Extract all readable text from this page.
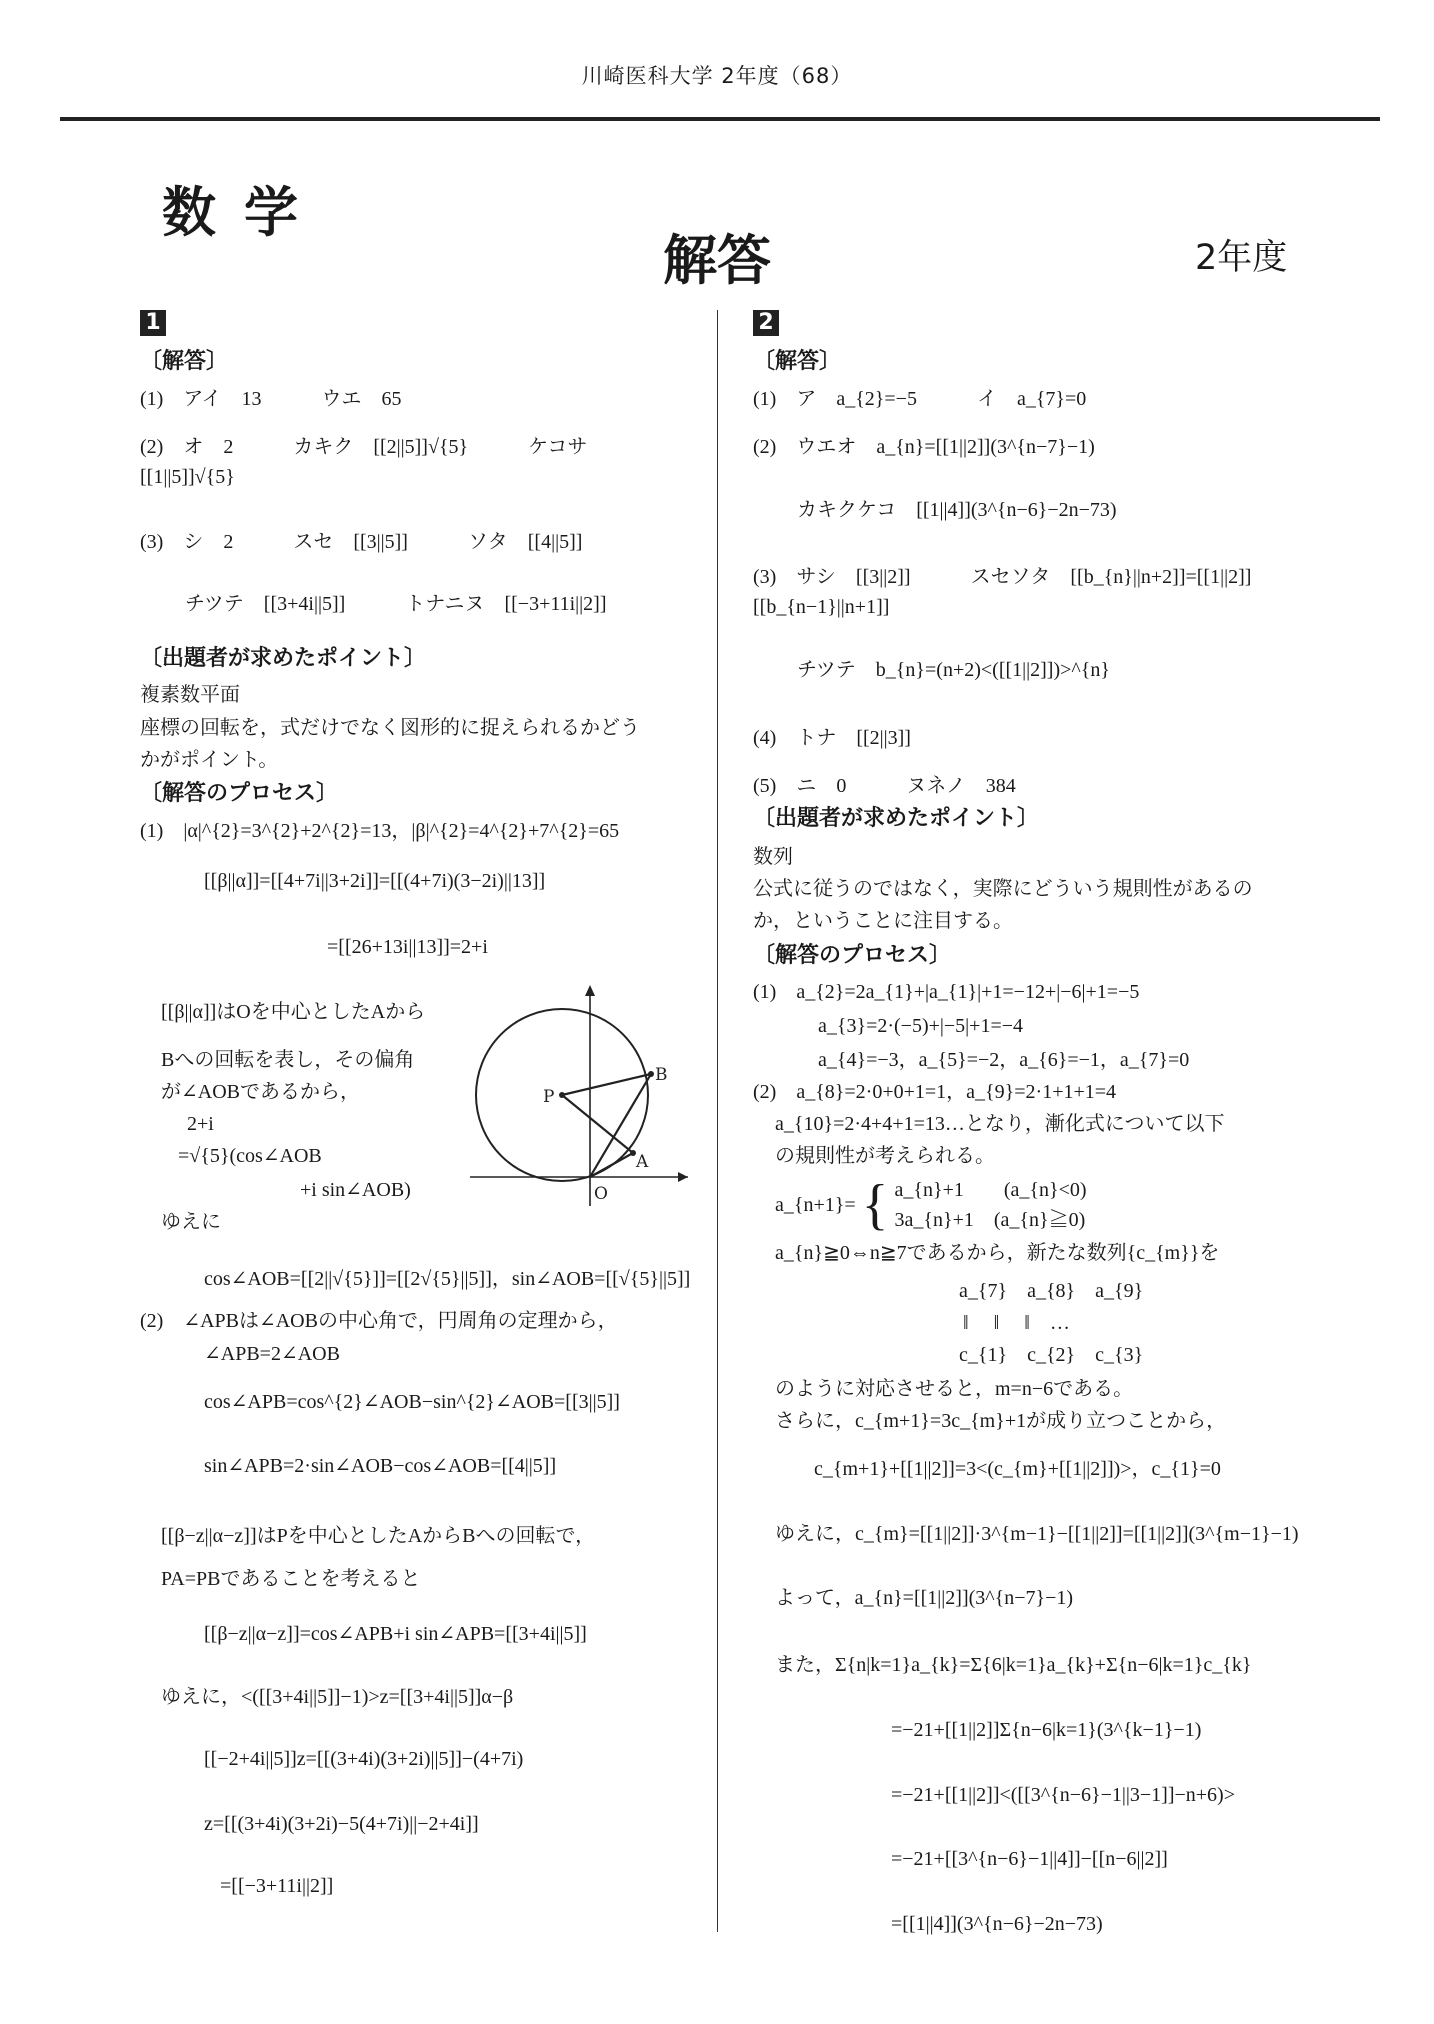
川崎医科大学 2年度（68）
数学
解答	2年度
1	2
〔解答〕
(1)　アイ　13　　　ウエ　65
(2)　オ　2　　　カキク　[[2||5]]√{5}　　　ケコサ　[[1||5]]√{5}
(3)　シ　2　　　スセ　[[3||5]]　　　ソタ　[[4||5]]
チツテ　[[3+4i||5]]　　　トナニヌ　[[−3+11i||2]]
〔出題者が求めたポイント〕
複素数平面
座標の回転を，式だけでなく図形的に捉えられるかどう
かがポイント。
〔解答のプロセス〕
(1)　|α|^{2}=3^{2}+2^{2}=13，|β|^{2}=4^{2}+7^{2}=65
[[β||α]]=[[4+7i||3+2i]]=[[(4+7i)(3−2i)||13]]
=[[26+13i||13]]=2+i
P
B
A
O
[[β||α]]はOを中心としたAから
Bへの回転を表し，その偏角
が∠AOBであるから，
2+i
=√{5}(cos∠AOB
+i sin∠AOB)
ゆえに
cos∠AOB=[[2||√{5}]]=[[2√{5}||5]]，sin∠AOB=[[√{5}||5]]
(2)　∠APBは∠AOBの中心角で，円周角の定理から，
∠APB=2∠AOB
cos∠APB=cos^{2}∠AOB−sin^{2}∠AOB=[[3||5]]
sin∠APB=2·sin∠AOB−cos∠AOB=[[4||5]]
[[β−z||α−z]]はPを中心としたAからBへの回転で，
PA=PBであることを考えると
[[β−z||α−z]]=cos∠APB+i sin∠APB=[[3+4i||5]]
ゆえに，<([[3+4i||5]]−1)>z=[[3+4i||5]]α−β
[[−2+4i||5]]z=[[(3+4i)(3+2i)||5]]−(4+7i)
z=[[(3+4i)(3+2i)−5(4+7i)||−2+4i]]
=[[−3+11i||2]]
〔解答〕
(1)　ア　a_{2}=−5　　　イ　a_{7}=0
(2)　ウエオ　a_{n}=[[1||2]](3^{n−7}−1)
カキクケコ　[[1||4]](3^{n−6}−2n−73)
(3)　サシ　[[3||2]]　　　スセソタ　[[b_{n}||n+2]]=[[1||2]][[b_{n−1}||n+1]]
チツテ　b_{n}=(n+2)<([[1||2]])>^{n}
(4)　トナ　[[2||3]]
(5)　ニ　0　　　ヌネノ　384
〔出題者が求めたポイント〕
数列
公式に従うのではなく，実際にどういう規則性があるの
か，ということに注目する。
〔解答のプロセス〕
(1)　a_{2}=2a_{1}+|a_{1}|+1=−12+|−6|+1=−5
a_{3}=2·(−5)+|−5|+1=−4
a_{4}=−3，a_{5}=−2，a_{6}=−1，a_{7}=0
(2)　a_{8}=2·0+0+1=1，a_{9}=2·1+1+1=4
a_{10}=2·4+4+1=13…となり，漸化式について以下
の規則性が考えられる。
a_{n+1}= { a_{n}+1　　(a_{n}<0)
3a_{n}+1　(a_{n}≧0)
a_{n}≧0⇔n≧7であるから，新たな数列{c_{m}}を
a_{7}　a_{8}　a_{9}
‖　 ‖　 ‖　…
c_{1}　c_{2}　c_{3}
のように対応させると，m=n−6である。
さらに，c_{m+1}=3c_{m}+1が成り立つことから，
c_{m+1}+[[1||2]]=3<(c_{m}+[[1||2]])>，c_{1}=0
ゆえに，c_{m}=[[1||2]]·3^{m−1}−[[1||2]]=[[1||2]](3^{m−1}−1)
よって，a_{n}=[[1||2]](3^{n−7}−1)
また，Σ{n|k=1}a_{k}=Σ{6|k=1}a_{k}+Σ{n−6|k=1}c_{k}
=−21+[[1||2]]Σ{n−6|k=1}(3^{k−1}−1)
=−21+[[1||2]]<([[3^{n−6}−1||3−1]]−n+6)>
=−21+[[3^{n−6}−1||4]]−[[n−6||2]]
=[[1||4]](3^{n−6}−2n−73)
